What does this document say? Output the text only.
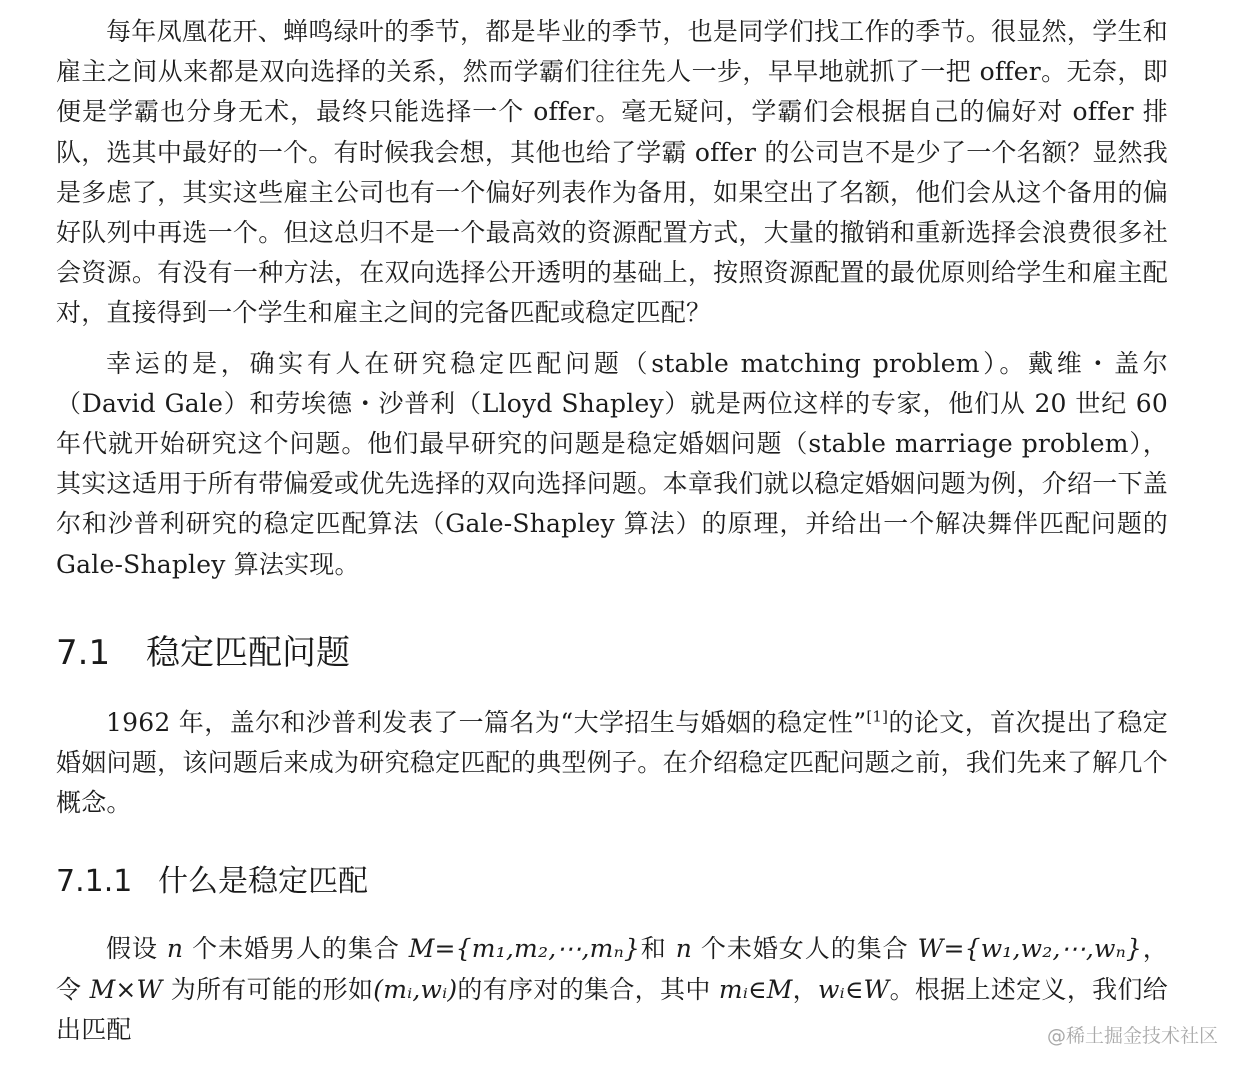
每年凤凰花开、蝉鸣绿叶的季节，都是毕业的季节，也是同学们找工作的季节。很显然，学生和雇主之间从来都是双向选择的关系，然而学霸们往往先人一步，早早地就抓了一把 offer。无奈，即便是学霸也分身无术，最终只能选择一个 offer。毫无疑问，学霸们会根据自己的偏好对 offer 排队，选其中最好的一个。有时候我会想，其他也给了学霸 offer 的公司岂不是少了一个名额？显然我是多虑了，其实这些雇主公司也有一个偏好列表作为备用，如果空出了名额，他们会从这个备用的偏好队列中再选一个。但这总归不是一个最高效的资源配置方式，大量的撤销和重新选择会浪费很多社会资源。有没有一种方法，在双向选择公开透明的基础上，按照资源配置的最优原则给学生和雇主配对，直接得到一个学生和雇主之间的完备匹配或稳定匹配？

幸运的是，确实有人在研究稳定匹配问题（stable matching problem）。戴维・盖尔（David Gale）和劳埃德・沙普利（Lloyd Shapley）就是两位这样的专家，他们从 20 世纪 60 年代就开始研究这个问题。他们最早研究的问题是稳定婚姻问题（stable marriage problem），其实这适用于所有带偏爱或优先选择的双向选择问题。本章我们就以稳定婚姻问题为例，介绍一下盖尔和沙普利研究的稳定匹配算法（Gale-Shapley 算法）的原理，并给出一个解决舞伴匹配问题的 Gale-Shapley 算法实现。

7.1 稳定匹配问题

1962 年，盖尔和沙普利发表了一篇名为“大学招生与婚姻的稳定性”[1]的论文，首次提出了稳定婚姻问题，该问题后来成为研究稳定匹配的典型例子。在介绍稳定匹配问题之前，我们先来了解几个概念。

7.1.1 什么是稳定匹配

假设 n 个未婚男人的集合 M={m₁,m₂,⋯,mₙ}和 n 个未婚女人的集合 W={w₁,w₂,⋯,wₙ}，令 M×W 为所有可能的形如(mᵢ,wᵢ)的有序对的集合，其中 mᵢ∈M，wᵢ∈W。根据上述定义，我们给出匹配	@稀土掘金技术社区
